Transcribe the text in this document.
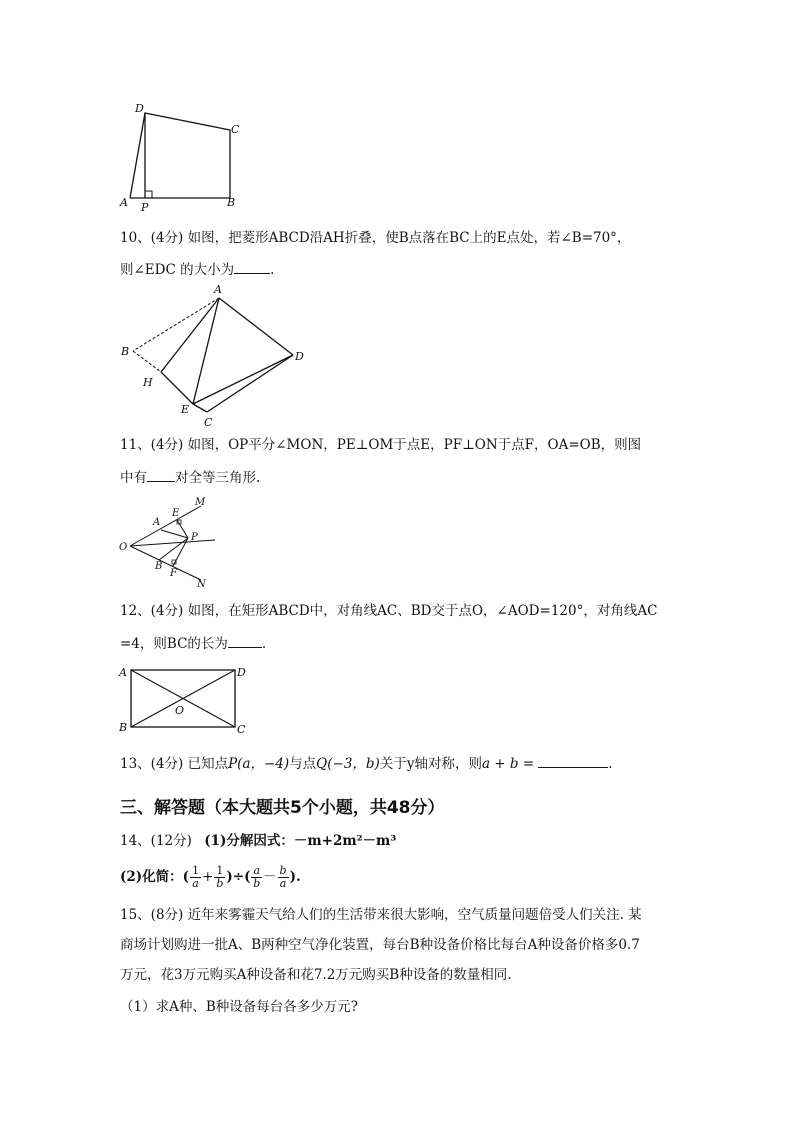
D
C
A P	B
10、(4分) 如图，把菱形ABCD沿AH折叠，使B点落在BC上的E点处，若∠B=70°，
则∠EDC 的大小为	.
A
B
H
E
C
D
11、(4分) 如图，OP平分∠MON，PE⊥OM于点E，PF⊥ON于点F，OA=OB，则图
中有 对全等三角形.
M
E
A
P
O
B
F
N
12、(4分) 如图，在矩形ABCD中，对角线AC、BD交于点O，∠AOD=120°，对角线AC
=4，则BC的长为	.
A	D
B	C
O
13、(4分) 已知点P(a，−4)与点Q(−3，b)关于y轴对称，则a + b =	.
三、解答题（本大题共5个小题，共48分）
14、(12分) (1)分解因式：－m+2m²－m³
(2)化简：( $\frac{1}{a} + \frac{1}{b}$ )÷( $\frac{a}{b} - \frac{b}{a}$ ).
15、(8分) 近年来雾霾天气给人们的生活带来很大影响，空气质量问题倍受人们关注. 某
商场计划购进一批A、B两种空气净化装置，每台B种设备价格比每台A种设备价格多0.7
万元，花3万元购买A种设备和花7.2万元购买B种设备的数量相同.
（1）求A种、B种设备每台各多少万元?
